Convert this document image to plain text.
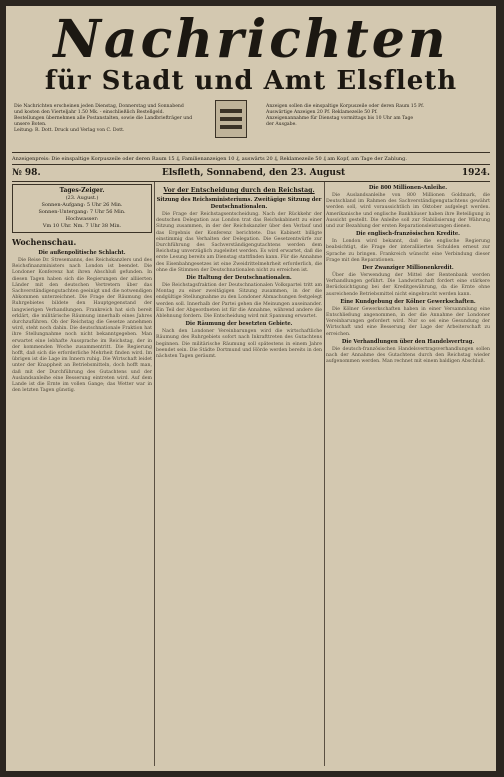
Nachrichten
für Stadt und Amt Elsfleth
Die Nachrichten erscheinen jeden Dienstag, Donnerstag und Sonnabend
und kosten den Vierteljahr 1.50 Mk. - einschließlich Bestellgeld.
Bestellungen übernehmen alle Postanstalten, sowie die Landbriefträger und unsere Boten.
Leitung: R. Dott. Druck und Verlag von C. Dott.
Anzeigen sollen die einspaltige Korpuszeile oder deren Raum 15 Pf.
Auswärtige Anzeigen 20 Pf. Reklamezeile 50 Pf.
Anzeigenannahme für Dienstag vormittags bis 10 Uhr am Tage
der Ausgabe.
Anzeigenpreis: Die einspaltige Korpuszeile oder deren Raum 15 ₰, Familienanzeigen 10 ₰, auswärts 20 ₰, Reklamezeile 50 ₰ am Kopf, am Tage der Zahlung.
№ 98.	Elsfleth, Sonnabend, den 23. August	1924.
Tages-Zeiger.
(23. August.)
Sonnen-Aufgang: 5 Uhr 26 Min.
Sonnen-Untergang: 7 Uhr 56 Min.
Hochwasser:
Vm 10 Uhr. Nm. 7 Uhr 38 Min.
Wochenschau.
Die außenpolitische Schlacht.

Die Reise Dr. Stresemanns, des Reichskanzlers und des Reichsfinanzministers nach London ist beendet. Die Londoner Konferenz hat ihren Abschluß gefunden. In diesen Tagen haben sich die Regierungen der alliierten Länder mit den deutschen Vertretern über das Sachverständigengutachten geeinigt und die notwendigen Abkommen unterzeichnet. Die Frage der Räumung des Ruhrgebietes bildete den Hauptgegenstand der langwierigen Verhandlungen. Frankreich hat sich bereit erklärt, die militärische Räumung innerhalb eines Jahres durchzuführen. Ob der Reichstag die Gesetze annehmen wird, steht noch dahin. Die deutschnationale Fraktion hat ihre Stellungnahme noch nicht bekanntgegeben. Man erwartet eine lebhafte Aussprache im Reichstag, der in der kommenden Woche zusammentritt. Die Regierung hofft, daß sich die erforderliche Mehrheit finden wird. Im übrigen ist die Lage im Innern ruhig. Die Wirtschaft leidet unter der Knappheit an Betriebsmitteln, doch hofft man, daß mit der Durchführung des Gutachtens und der Auslandsanleihe eine Besserung eintreten wird. Auf dem Lande ist die Ernte im vollen Gange; das Wetter war in den letzten Tagen günstig.

Vor der Entscheidung durch den Reichstag.
Sitzung des Reichsministeriums. Zweitägige Sitzung der Deutschnationalen.

Die Frage der Reichstagsentscheidung. Nach der Rückkehr der deutschen Delegation aus London trat das Reichskabinett zu einer Sitzung zusammen, in der der Reichskanzler über den Verlauf und das Ergebnis der Konferenz berichtete. Das Kabinett billigte einstimmig das Verhalten der Delegation. Die Gesetzentwürfe zur Durchführung des Sachverständigengutachtens werden dem Reichstag unverzüglich zugeleitet werden. Es wird erwartet, daß die erste Lesung bereits am Dienstag stattfinden kann. Für die Annahme des Eisenbahngesetzes ist eine Zweidrittelmehrheit erforderlich, die ohne die Stimmen der Deutschnationalen nicht zu erreichen ist.

Die Haltung der Deutschnationalen.

Die Reichstagsfraktion der Deutschnationalen Volkspartei tritt am Montag zu einer zweitägigen Sitzung zusammen, in der die endgültige Stellungnahme zu den Londoner Abmachungen festgelegt werden soll. Innerhalb der Partei gehen die Meinungen auseinander. Ein Teil der Abgeordneten ist für die Annahme, während andere die Ablehnung fordern. Die Entscheidung wird mit Spannung erwartet.

Die Räumung der besetzten Gebiete.

Nach den Londoner Vereinbarungen wird die wirtschaftliche Räumung des Ruhrgebiets sofort nach Inkrafttreten des Gutachtens beginnen. Die militärische Räumung soll spätestens in einem Jahre beendet sein. Die Städte Dortmund und Hörde werden bereits in den nächsten Tagen geräumt.

Die 800 Millionen-Anleihe.

Die Auslandsanleihe von 800 Millionen Goldmark, die Deutschland im Rahmen des Sachverständigengutachtens gewährt werden soll, wird voraussichtlich im Oktober aufgelegt werden. Amerikanische und englische Bankhäuser haben ihre Beteiligung in Aussicht gestellt. Die Anleihe soll zur Stabilisierung der Währung und zur Bezahlung der ersten Reparationsleistungen dienen.

Die englisch-französischen Kredite.

In London wird bekannt, daß die englische Regierung beabsichtigt, die Frage der interalliierten Schulden erneut zur Sprache zu bringen. Frankreich wünscht eine Verbindung dieser Frage mit den Reparationen.

Der Zwanziger Millionenkredit.

Über die Verwendung der Mittel der Rentenbank werden Verhandlungen geführt. Die Landwirtschaft fordert eine stärkere Berücksichtigung bei der Kreditgewährung, da die Ernte ohne ausreichende Betriebsmittel nicht eingebracht werden kann.

Eine Kundgebung der Kölner Gewerkschaften.

Die Kölner Gewerkschaften haben in einer Versammlung eine Entschließung angenommen, in der die Annahme der Londoner Vereinbarungen gefordert wird. Nur so sei eine Gesundung der Wirtschaft und eine Besserung der Lage der Arbeiterschaft zu erreichen.

Die Verhandlungen über den Handelsvertrag.

Die deutsch-französischen Handelsvertragsverhandlungen sollen nach der Annahme des Gutachtens durch den Reichstag wieder aufgenommen werden. Man rechnet mit einem baldigen Abschluß.
